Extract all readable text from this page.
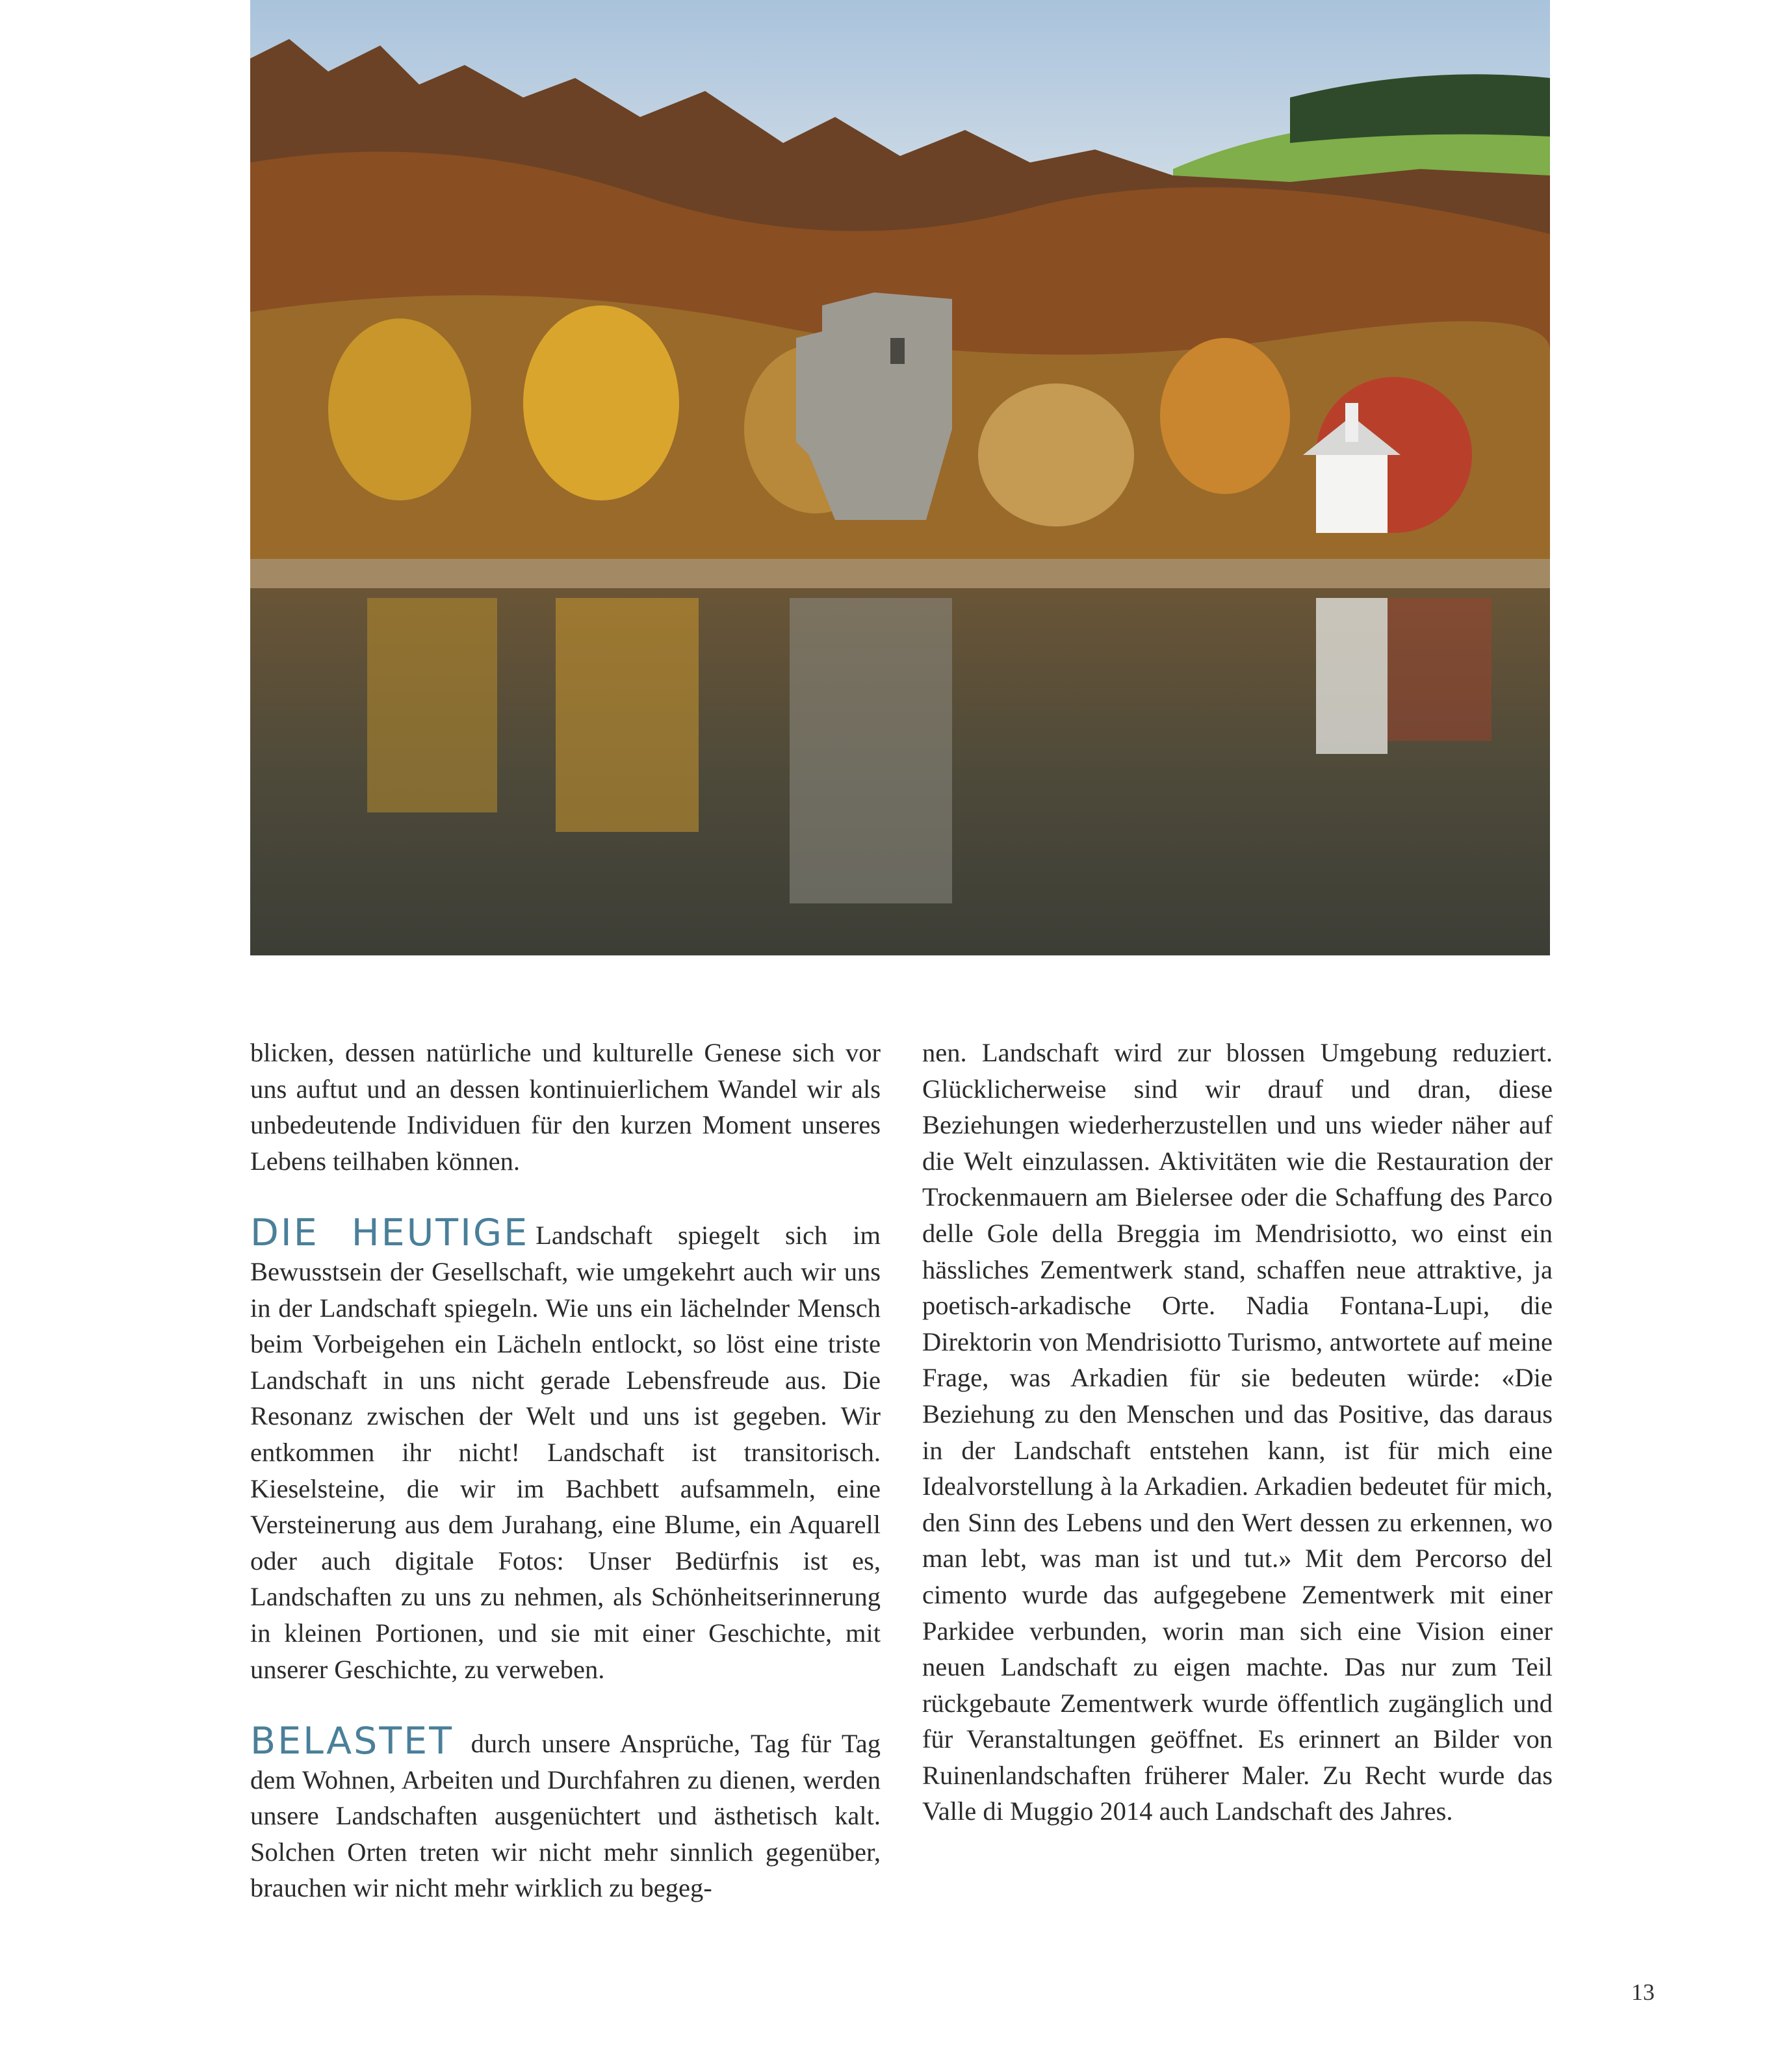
blicken, dessen natürliche und kulturelle Genese sich vor uns auftut und an dessen kontinuierlichem Wandel wir als unbedeutende Individuen für den kurzen Moment unseres Lebens teilhaben können.

DIE HEUTIGE Landschaft spiegelt sich im Bewusstsein der Gesellschaft, wie umgekehrt auch wir uns in der Landschaft spiegeln. Wie uns ein lächelnder Mensch beim Vorbeigehen ein Lächeln entlockt, so löst eine triste Landschaft in uns nicht gerade Lebensfreude aus. Die Resonanz zwischen der Welt und uns ist gegeben. Wir entkommen ihr nicht! Landschaft ist transitorisch. Kieselsteine, die wir im Bachbett aufsammeln, eine Versteinerung aus dem Jurahang, eine Blume, ein Aquarell oder auch digitale Fotos: Unser Bedürfnis ist es, Landschaften zu uns zu nehmen, als Schönheitserinnerung in kleinen Portionen, und sie mit einer Geschichte, mit unserer Geschichte, zu verweben.

BELASTET durch unsere Ansprüche, Tag für Tag dem Wohnen, Arbeiten und Durchfahren zu dienen, werden unsere Landschaften ausgenüchtert und ästhetisch kalt. Solchen Orten treten wir nicht mehr sinnlich gegenüber, brauchen wir nicht mehr wirklich zu begeg-

nen. Landschaft wird zur blossen Umgebung reduziert. Glücklicherweise sind wir drauf und dran, diese Beziehungen wiederherzustellen und uns wieder näher auf die Welt einzulassen. Aktivitäten wie die Restauration der Trockenmauern am Bielersee oder die Schaffung des Parco delle Gole della Breggia im Mendrisiotto, wo einst ein hässliches Zementwerk stand, schaffen neue attraktive, ja poetisch-arkadische Orte. Nadia Fontana-Lupi, die Direktorin von Mendrisiotto Turismo, antwortete auf meine Frage, was Arkadien für sie bedeuten würde: «Die Beziehung zu den Menschen und das Positive, das daraus in der Landschaft entstehen kann, ist für mich eine Idealvorstellung à la Arkadien. Arkadien bedeutet für mich, den Sinn des Lebens und den Wert dessen zu erkennen, wo man lebt, was man ist und tut.» Mit dem Percorso del cimento wurde das aufgegebene Zementwerk mit einer Parkidee verbunden, worin man sich eine Vision einer neuen Landschaft zu eigen machte. Das nur zum Teil rückgebaute Zementwerk wurde öffentlich zugänglich und für Veranstaltungen geöffnet. Es erinnert an Bilder von Ruinenlandschaften früherer Maler. Zu Recht wurde das Valle di Muggio 2014 auch Landschaft des Jahres.

13
